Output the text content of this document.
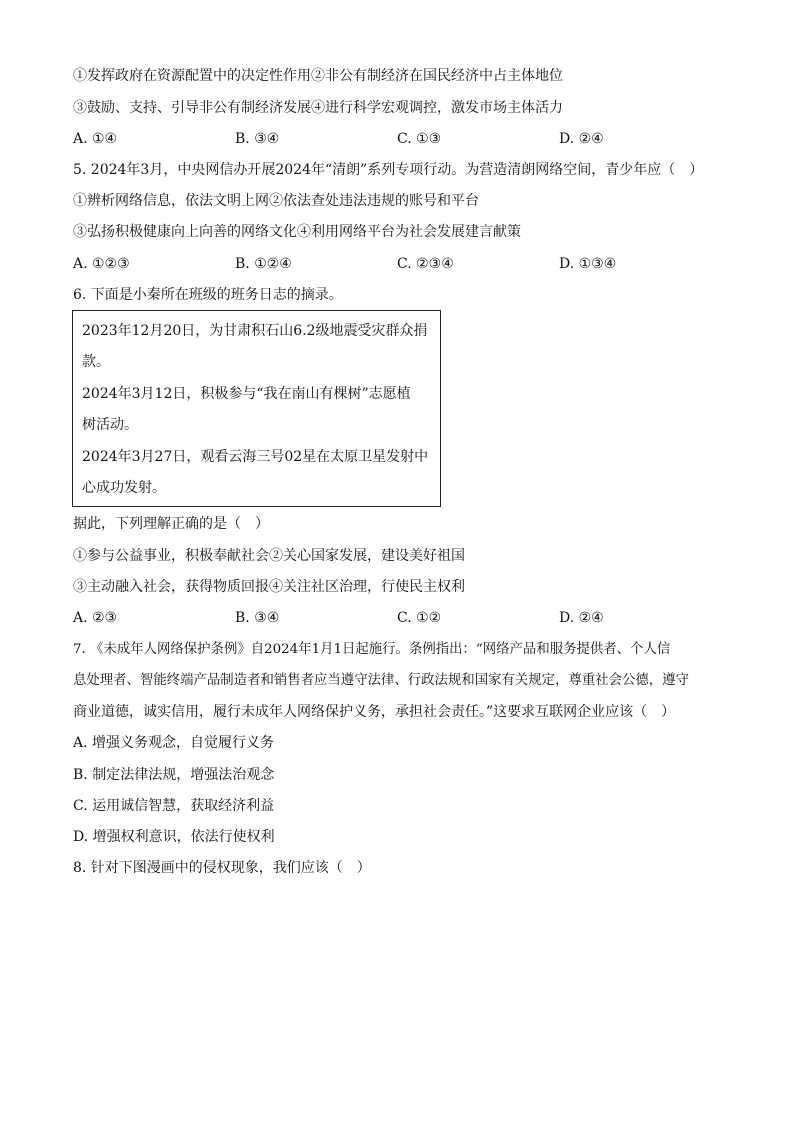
①发挥政府在资源配置中的决定性作用②非公有制经济在国民经济中占主体地位
③鼓励、支持、引导非公有制经济发展④进行科学宏观调控，激发市场主体活力
A. ①④	B. ③④	C. ①③	D. ②④
5. 2024年3月，中央网信办开展2024年“清朗”系列专项行动。为营造清朗网络空间，青少年应（　）
①辨析网络信息，依法文明上网②依法查处违法违规的账号和平台
③弘扬积极健康向上向善的网络文化④利用网络平台为社会发展建言献策
A. ①②③	B. ①②④	C. ②③④	D. ①③④
6. 下面是小秦所在班级的班务日志的摘录。
2023年12月20日，为甘肃积石山6.2级地震受灾群众捐
款。
2024年3月12日，积极参与“我在南山有棵树”志愿植
树活动。
2024年3月27日，观看云海三号02星在太原卫星发射中
心成功发射。
据此，下列理解正确的是（　）
①参与公益事业，积极奉献社会②关心国家发展，建设美好祖国
③主动融入社会，获得物质回报④关注社区治理，行使民主权利
A. ②③	B. ③④	C. ①②	D. ②④
7. 《未成年人网络保护条例》自2024年1月1日起施行。条例指出：“网络产品和服务提供者、个人信
息处理者、智能终端产品制造者和销售者应当遵守法律、行政法规和国家有关规定，尊重社会公德，遵守
商业道德，诚实信用，履行未成年人网络保护义务，承担社会责任。”这要求互联网企业应该（　）
A. 增强义务观念，自觉履行义务
B. 制定法律法规，增强法治观念
C. 运用诚信智慧，获取经济利益
D. 增强权利意识，依法行使权利
8. 针对下图漫画中的侵权现象，我们应该（　）
